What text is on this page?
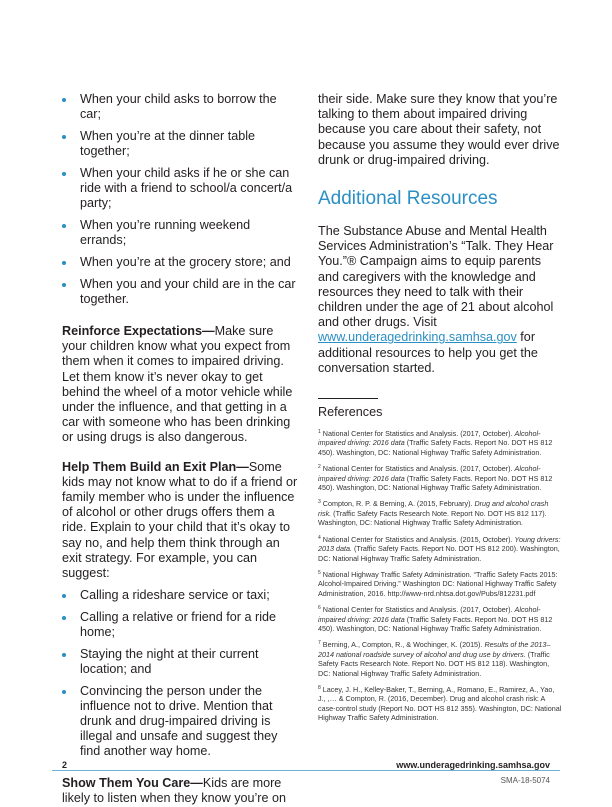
When your child asks to borrow the car;
When you’re at the dinner table together;
When your child asks if he or she can ride with a friend to school/a concert/a party;
When you’re running weekend errands;
When you’re at the grocery store; and
When you and your child are in the car together.

Reinforce Expectations—Make sure your children know what you expect from them when it comes to impaired driving. Let them know it’s never okay to get behind the wheel of a motor vehicle while under the influence, and that getting in a car with someone who has been drinking or using drugs is also dangerous.

Help Them Build an Exit Plan—Some kids may not know what to do if a friend or family member who is under the influence of alcohol or other drugs offers them a ride. Explain to your child that it’s okay to say no, and help them think through an exit strategy. For example, you can suggest:

Calling a rideshare service or taxi;
Calling a relative or friend for a ride home;
Staying the night at their current location; and
Convincing the person under the influence not to drive. Mention that drunk and drug-impaired driving is illegal and unsafe and suggest they find another way home.

Show Them You Care—Kids are more likely to listen when they know you’re on

their side. Make sure they know that you’re talking to them about impaired driving because you care about their safety, not because you assume they would ever drive drunk or drug-impaired driving.

Additional Resources

The Substance Abuse and Mental Health Services Administration’s “Talk. They Hear You.”® Campaign aims to equip parents and caregivers with the knowledge and resources they need to talk with their children under the age of 21 about alcohol and other drugs. Visit www.underagedrinking.samhsa.gov for additional resources to help you get the conversation started.

References

$^1$ National Center for Statistics and Analysis. (2017, October). Alcohol-impaired driving: 2016 data (Traffic Safety Facts. Report No. DOT HS 812 450). Washington, DC: National Highway Traffic Safety Administration.

$^2$ National Center for Statistics and Analysis. (2017, October). Alcohol-impaired driving: 2016 data (Traffic Safety Facts. Report No. DOT HS 812 450). Washington, DC: National Highway Traffic Safety Administration.

$^3$ Compton, R. P. & Berning, A. (2015, February). Drug and alcohol crash risk. (Traffic Safety Facts Research Note. Report No. DOT HS 812 117). Washington, DC: National Highway Traffic Safety Administration.

$^4$ National Center for Statistics and Analysis. (2015, October). Young drivers: 2013 data. (Traffic Safety Facts. Report No. DOT HS 812 200). Washington, DC: National Highway Traffic Safety Administration.

$^5$ National Highway Traffic Safety Administration. “Traffic Safety Facts 2015: Alcohol-Impaired Driving.” Washington DC: National Highway Traffic Safety Administration, 2016. http://www-nrd.nhtsa.dot.gov/Pubs/812231.pdf

$^6$ National Center for Statistics and Analysis. (2017, October). Alcohol-impaired driving: 2016 data (Traffic Safety Facts. Report No. DOT HS 812 450). Washington, DC: National Highway Traffic Safety Administration.

$^7$ Berning, A., Compton, R., & Wochinger, K. (2015). Results of the 2013–2014 national roadside survey of alcohol and drug use by drivers. (Traffic Safety Facts Research Note. Report No. DOT HS 812 118). Washington, DC: National Highway Traffic Safety Administration.

$^8$ Lacey, J. H., Kelley-Baker, T., Berning, A., Romano, E., Ramirez, A., Yao, J., ,… & Compton, R. (2016, December). Drug and alcohol crash risk: A case-control study (Report No. DOT HS 812 355). Washington, DC: National Highway Traffic Safety Administration.

2	www.underagedrinking.samhsa.gov
SMA-18-5074
